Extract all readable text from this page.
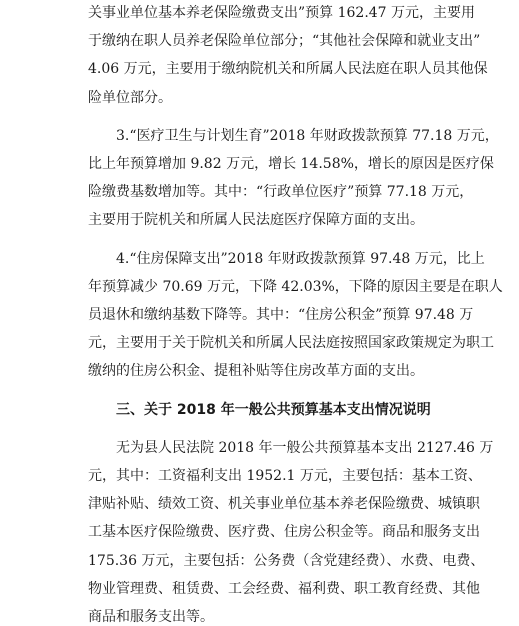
关事业单位基本养老保险缴费支出”预算 162.47 万元，主要用
于缴纳在职人员养老保险单位部分；“其他社会保障和就业支出”
4.06 万元，主要用于缴纳院机关和所属人民法庭在职人员其他保
险单位部分。
3.“医疗卫生与计划生育”2018 年财政拨款预算 77.18 万元，
比上年预算增加 9.82 万元，增长 14.58%，增长的原因是医疗保
险缴费基数增加等。其中：“行政单位医疗”预算 77.18 万元，
主要用于院机关和所属人民法庭医疗保障方面的支出。
4.“住房保障支出”2018 年财政拨款预算 97.48 万元，比上
年预算减少 70.69 万元，下降 42.03%，下降的原因主要是在职人
员退休和缴纳基数下降等。其中：“住房公积金”预算 97.48 万
元，主要用于关于院机关和所属人民法庭按照国家政策规定为职工
缴纳的住房公积金、提租补贴等住房改革方面的支出。
三、关于 2018 年一般公共预算基本支出情况说明
无为县人民法院 2018 年一般公共预算基本支出 2127.46 万
元，其中：工资福利支出 1952.1 万元，主要包括：基本工资、
津贴补贴、绩效工资、机关事业单位基本养老保险缴费、城镇职
工基本医疗保险缴费、医疗费、住房公积金等。商品和服务支出
175.36 万元，主要包括：公务费（含党建经费）、水费、电费、
物业管理费、租赁费、工会经费、福利费、职工教育经费、其他
商品和服务支出等。
